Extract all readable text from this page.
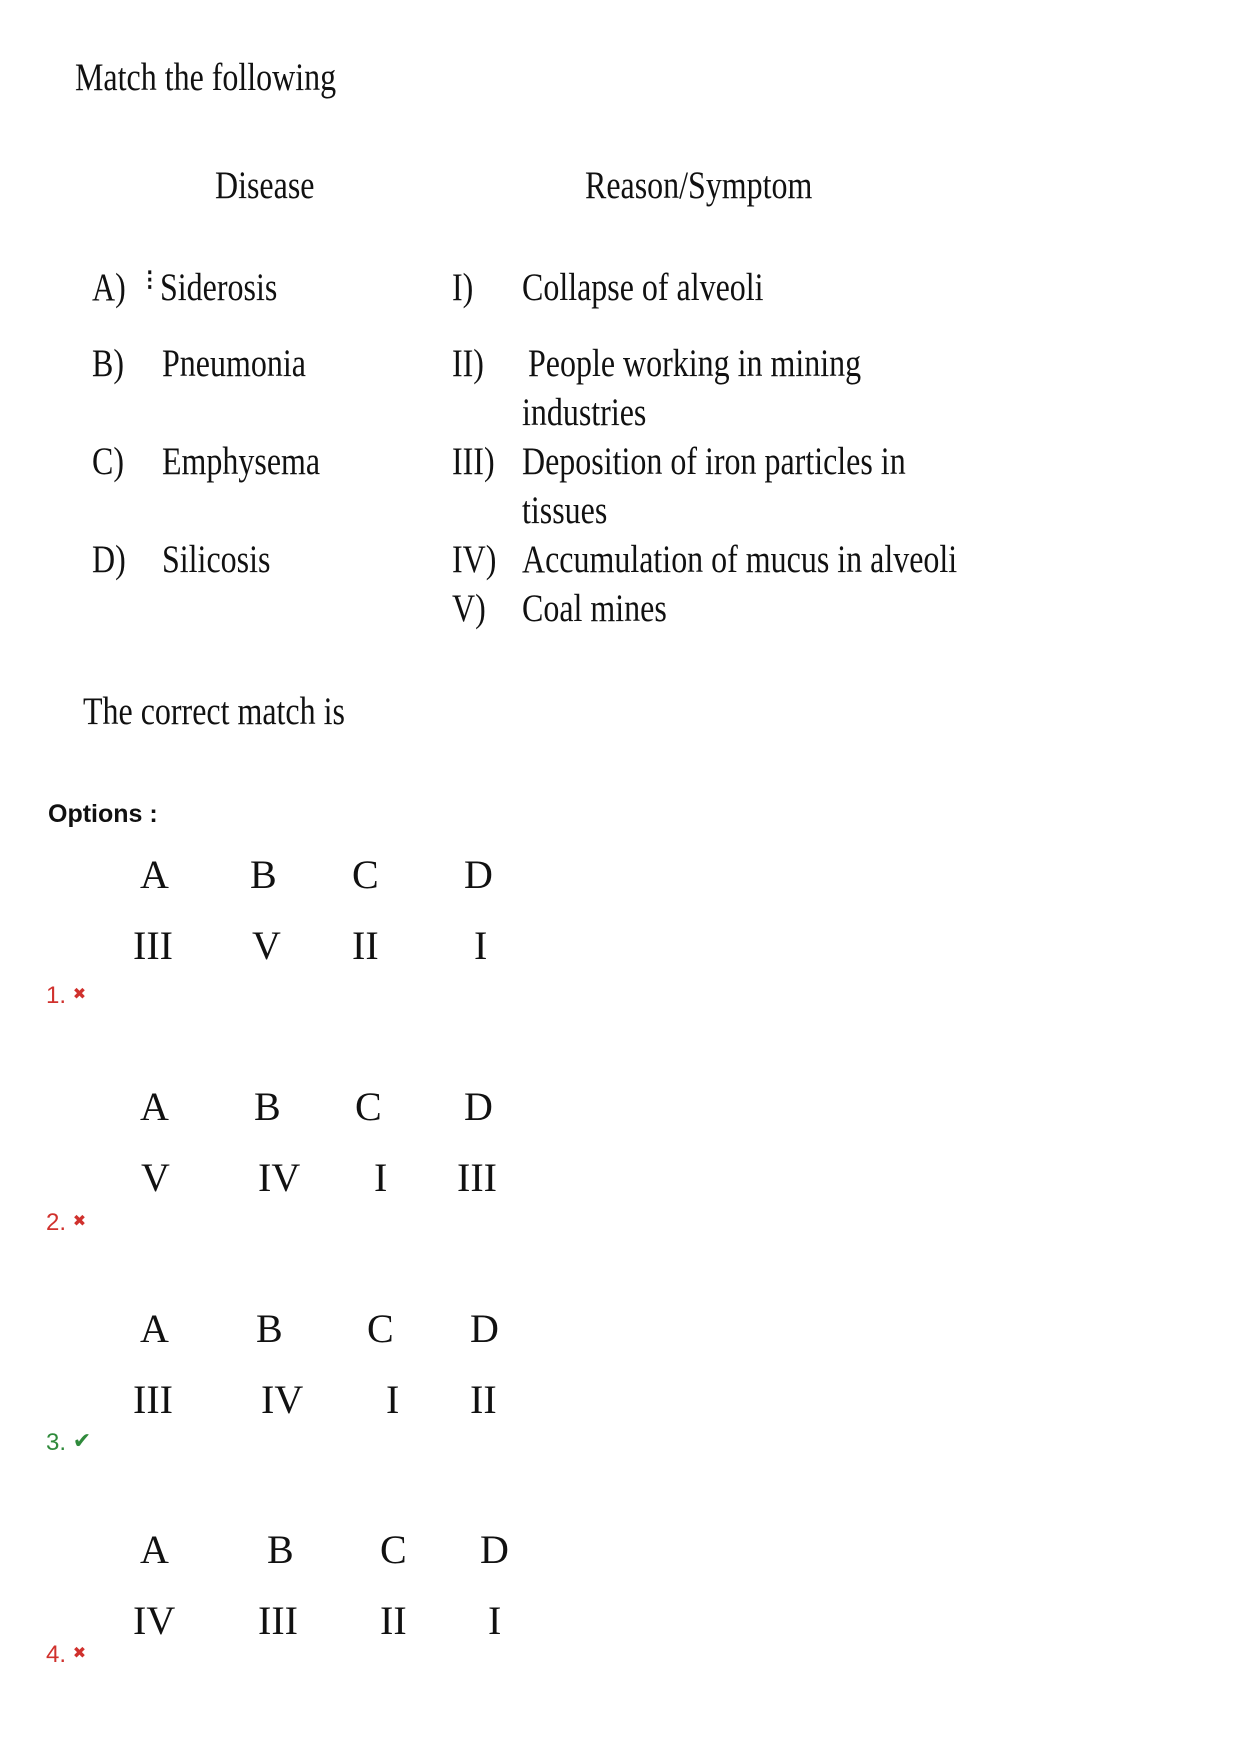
Match the following
Disease	Reason/Symptom
A) ⁝ Siderosis
B) Pneumonia
C) Emphysema
D) Silicosis
I) Collapse of alveoli
II) People working in mining
industries
III) Deposition of iron particles in
tissues
IV) Accumulation of mucus in alveoli
V) Coal mines
The correct match is
Options :
A B C D
III V II I
1. ✖
A B C D
V IV I III
2. ✖
A B C D
III IV I II
3. ✔
A B C D
IV III II I
4. ✖
